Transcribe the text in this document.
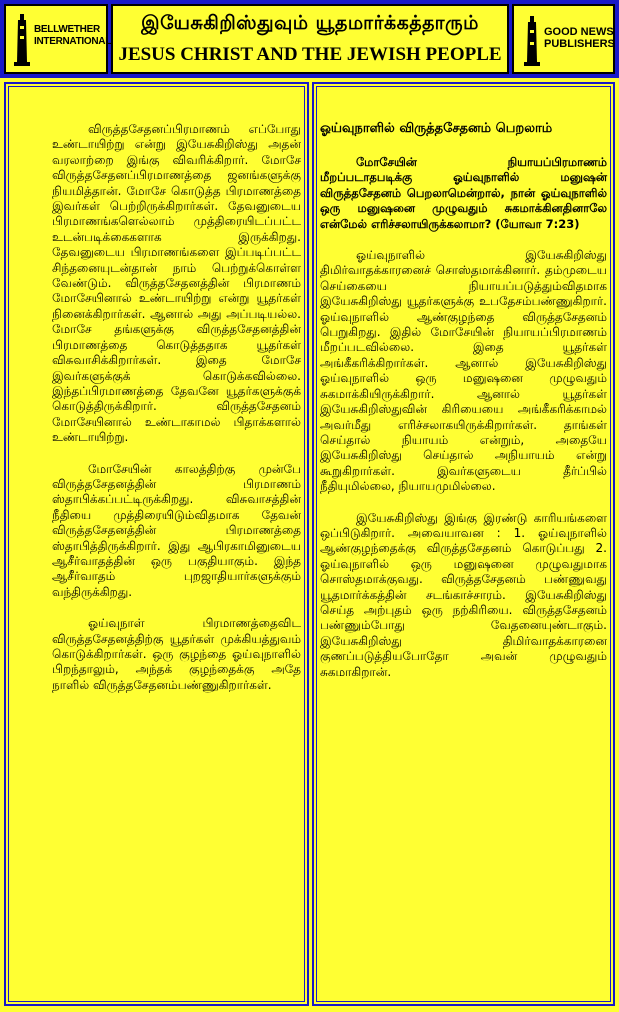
BELLWETHER
INTERNATIONAL
இயேசுகிறிஸ்துவும் யூதமார்க்கத்தாரும்
JESUS CHRIST AND THE JEWISH PEOPLE
GOOD NEWS
PUBLISHERS

விருத்தசேதனப்பிரமாணம் எப்போது உண்டாயிற்று என்று இயேசுகிறிஸ்து அதன் வரலாற்றை இங்கு விவரிக்கிறார். மோசே விருத்தசேதனப்பிரமாணத்தை ஜனங்களுக்கு நியமித்தான். மோசே கொடுத்த பிரமாணத்தை இவர்கள் பெற்றிருக்கிறார்கள். தேவனுடைய பிரமாணங்களெல்லாம் முத்திரையிடப்பட்ட உடன்படிக்கைகளாக இருக்கிறது. தேவனுடைய பிரமாணங்களை இப்படிப்பட்ட சிந்தனையுடன்தான் நாம் பெற்றுக்கொள்ள வேண்டும். விருத்தசேதனத்தின் பிரமாணம் மோசேயினால் உண்டாயிற்று என்று யூதர்கள் நினைக்கிறார்கள். ஆனால் அது அப்படியல்ல. மோசே தங்களுக்கு விருத்தசேதனத்தின் பிரமாணத்தை கொடுத்ததாக யூதர்கள் விசுவாசிக்கிறார்கள். இதை மோசே இவர்களுக்குக் கொடுக்கவில்லை. இந்தப்பிரமாணத்தை தேவனே யூதர்களுக்குக் கொடுத்திருக்கிறார். விருத்தசேதனம் மோசேயினால் உண்டாகாமல் பிதாக்களால் உண்டாயிற்று.

மோசேயின் காலத்திற்கு முன்பே விருத்தசேதனத்தின் பிரமாணம் ஸ்தாபிக்கப்பட்டிருக்கிறது. விசுவாசத்தின் நீதியை முத்திரையிடும்விதமாக தேவன் விருத்தசேதனத்தின் பிரமாணத்தை ஸ்தாபித்திருக்கிறார். இது ஆபிரகாமினுடைய ஆசீர்வாதத்தின் ஒரு பகுதியாகும். இந்த ஆசீர்வாதம் புறஜாதியார்களுக்கும் வந்திருக்கிறது.

ஓய்வுநாள் பிரமாணத்தைவிட விருத்தசேதனத்திற்கு யூதர்கள் முக்கியத்துவம் கொடுக்கிறார்கள். ஒரு குழந்தை ஓய்வுநாளில் பிறந்தாலும், அந்தக் குழந்தைக்கு அதே நாளில் விருத்தசேதனம்பண்ணுகிறார்கள்.

ஓய்வுநாளில் விருத்தசேதனம் பெறலாம்

மோசேயின் நியாயப்பிரமாணம் மீறப்படாதபடிக்கு ஓய்வுநாளில் மனுஷன் விருத்தசேதனம் பெறலாமென்றால், நான் ஓய்வுநாளில் ஒரு மனுஷனை முழுவதும் சுகமாக்கினதினாலே என்மேல் எரிச்சலாயிருக்கலாமா? (யோவா 7:23)

ஓய்வுநாளில் இயேசுகிறிஸ்து திமிர்வாதக்காரனைச் சொஸ்தமாக்கினார். தம்முடைய செய்கையை நியாயப்படுத்தும்விதமாக இயேசுகிறிஸ்து யூதர்களுக்கு உபதேசம்பண்ணுகிறார். ஓய்வுநாளில் ஆண்குழந்தை விருத்தசேதனம் பெறுகிறது. இதில் மோசேயின் நியாயப்பிரமாணம் மீறப்படவில்லை. இதை யூதர்கள் அங்கீகரிக்கிறார்கள். ஆனால் இயேசுகிறிஸ்து ஓய்வுநாளில் ஒரு மனுஷனை முழுவதும் சுகமாக்கியிருக்கிறார். ஆனால் யூதர்கள் இயேசுகிறிஸ்துவின் கிரியையை அங்கீகரிக்காமல் அவர்மீது எரிச்சலாகயிருக்கிறார்கள். தாங்கள் செய்தால் நியாயம் என்றும், அதையே இயேசுகிறிஸ்து செய்தால் அநியாயம் என்று கூறுகிறார்கள். இவர்களுடைய தீர்ப்பில் நீதியுமில்லை, நியாயமுமில்லை.

இயேசுகிறிஸ்து இங்கு இரண்டு காரியங்களை ஒப்பிடுகிறார். அவையாவன : 1. ஓய்வுநாளில் ஆண்குழந்தைக்கு விருத்தசேதனம் கொடுப்பது 2. ஓய்வுநாளில் ஒரு மனுஷனை முழுவதுமாக சொஸ்தமாக்குவது. விருத்தசேதனம் பண்ணுவது யூதமார்க்கத்தின் சடங்காச்சாரம். இயேசுகிறிஸ்து செய்த அற்புதம் ஒரு நற்கிரியை. விருத்தசேதனம் பண்ணும்போது வேதனையுண்டாகும். இயேசுகிறிஸ்து திமிர்வாதக்காரனை குணப்படுத்தியபோதோ அவன் முழுவதும் சுகமாகிறான்.
